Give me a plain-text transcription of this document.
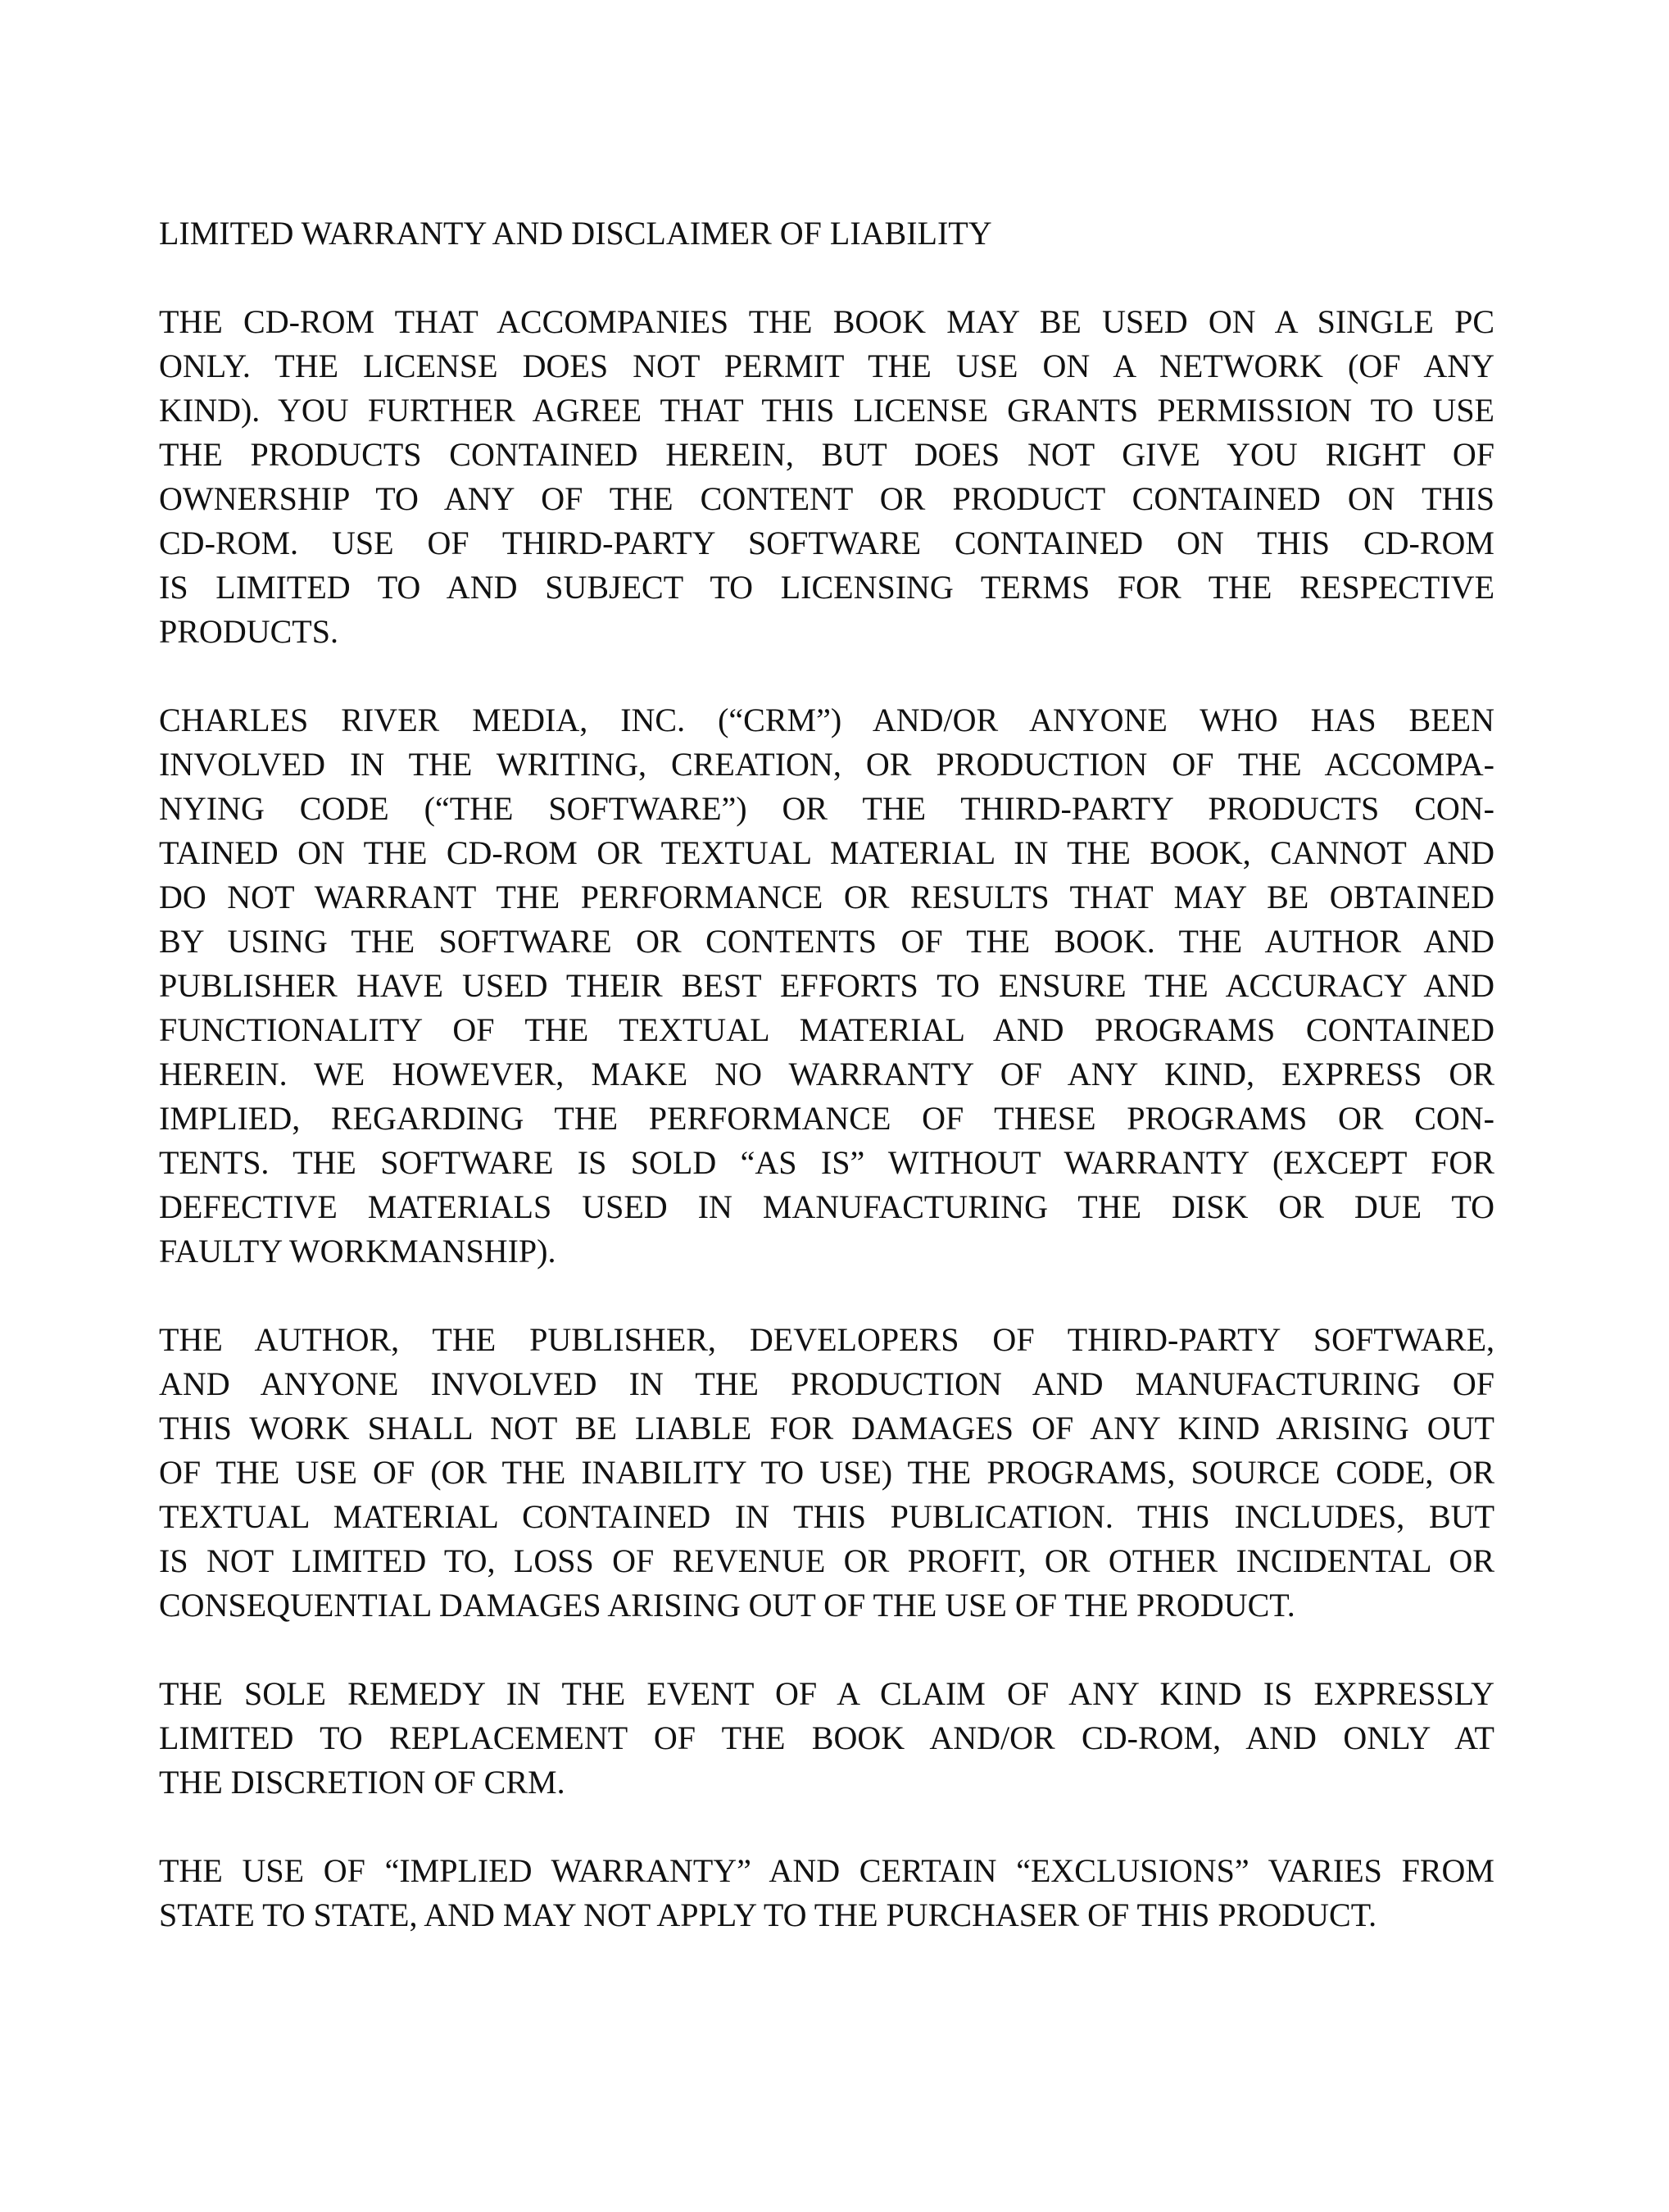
LIMITED WARRANTY AND DISCLAIMER OF LIABILITY
THE CD-ROM THAT ACCOMPANIES THE BOOK MAY BE USED ON A SINGLE PC
ONLY. THE LICENSE DOES NOT PERMIT THE USE ON A NETWORK (OF ANY
KIND). YOU FURTHER AGREE THAT THIS LICENSE GRANTS PERMISSION TO USE
THE PRODUCTS CONTAINED HEREIN, BUT DOES NOT GIVE YOU RIGHT OF
OWNERSHIP TO ANY OF THE CONTENT OR PRODUCT CONTAINED ON THIS
CD-ROM. USE OF THIRD-PARTY SOFTWARE CONTAINED ON THIS CD-ROM
IS LIMITED TO AND SUBJECT TO LICENSING TERMS FOR THE RESPECTIVE
PRODUCTS.
CHARLES RIVER MEDIA, INC. (“CRM”) AND/OR ANYONE WHO HAS BEEN
INVOLVED IN THE WRITING, CREATION, OR PRODUCTION OF THE ACCOMPA-
NYING CODE (“THE SOFTWARE”) OR THE THIRD-PARTY PRODUCTS CON-
TAINED ON THE CD-ROM OR TEXTUAL MATERIAL IN THE BOOK, CANNOT AND
DO NOT WARRANT THE PERFORMANCE OR RESULTS THAT MAY BE OBTAINED
BY USING THE SOFTWARE OR CONTENTS OF THE BOOK. THE AUTHOR AND
PUBLISHER HAVE USED THEIR BEST EFFORTS TO ENSURE THE ACCURACY AND
FUNCTIONALITY OF THE TEXTUAL MATERIAL AND PROGRAMS CONTAINED
HEREIN. WE HOWEVER, MAKE NO WARRANTY OF ANY KIND, EXPRESS OR
IMPLIED, REGARDING THE PERFORMANCE OF THESE PROGRAMS OR CON-
TENTS. THE SOFTWARE IS SOLD “AS IS” WITHOUT WARRANTY (EXCEPT FOR
DEFECTIVE MATERIALS USED IN MANUFACTURING THE DISK OR DUE TO
FAULTY WORKMANSHIP).
THE AUTHOR, THE PUBLISHER, DEVELOPERS OF THIRD-PARTY SOFTWARE,
AND ANYONE INVOLVED IN THE PRODUCTION AND MANUFACTURING OF
THIS WORK SHALL NOT BE LIABLE FOR DAMAGES OF ANY KIND ARISING OUT
OF THE USE OF (OR THE INABILITY TO USE) THE PROGRAMS, SOURCE CODE, OR
TEXTUAL MATERIAL CONTAINED IN THIS PUBLICATION. THIS INCLUDES, BUT
IS NOT LIMITED TO, LOSS OF REVENUE OR PROFIT, OR OTHER INCIDENTAL OR
CONSEQUENTIAL DAMAGES ARISING OUT OF THE USE OF THE PRODUCT.
THE SOLE REMEDY IN THE EVENT OF A CLAIM OF ANY KIND IS EXPRESSLY
LIMITED TO REPLACEMENT OF THE BOOK AND/OR CD-ROM, AND ONLY AT
THE DISCRETION OF CRM.
THE USE OF “IMPLIED WARRANTY” AND CERTAIN “EXCLUSIONS” VARIES FROM
STATE TO STATE, AND MAY NOT APPLY TO THE PURCHASER OF THIS PRODUCT.
